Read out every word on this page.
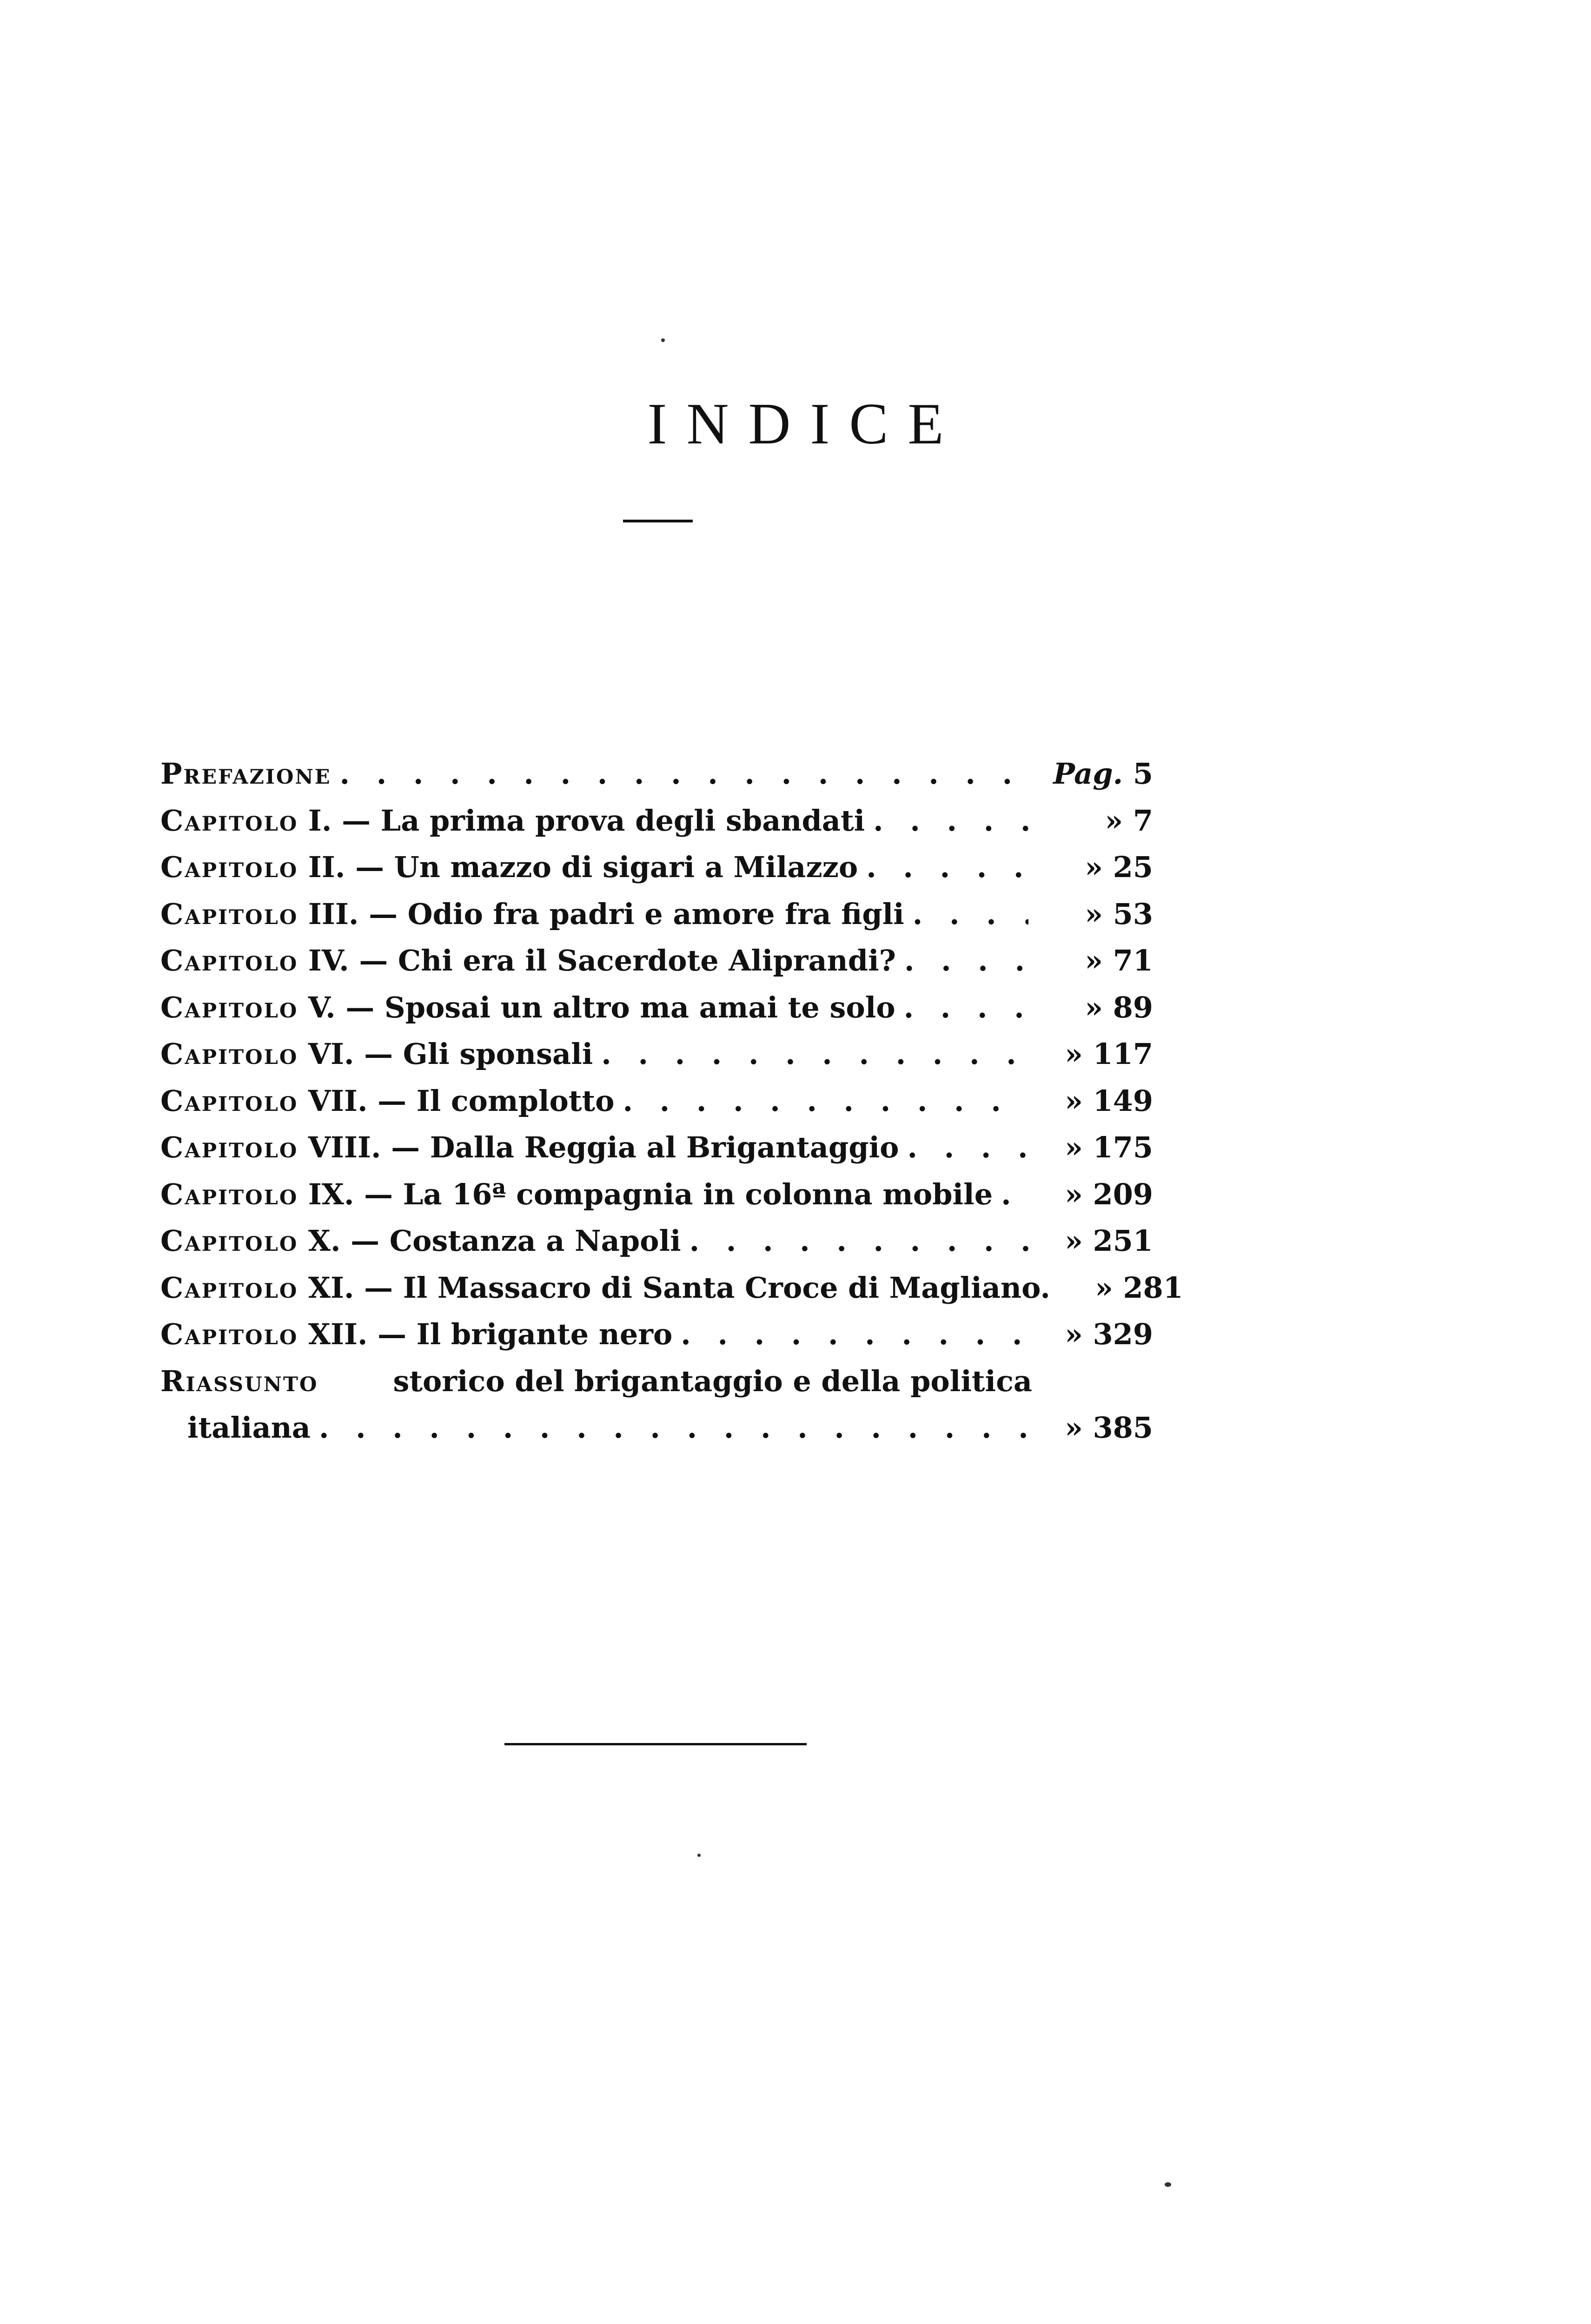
INDICE
Prefazione . . .	Pag. 5
Capitolo I. — La prima prova degli sbandati . . .	» 7
Capitolo II. — Un mazzo di sigari a Milazzo . . .	» 25
Capitolo III. — Odio fra padri e amore fra figli . . .	» 53
Capitolo IV. — Chi era il Sacerdote Aliprandi? . . .	» 71
Capitolo V. — Sposai un altro ma amai te solo . . .	» 89
Capitolo VI. — Gli sponsali . . .	» 117
Capitolo VII. — Il complotto . . .	» 149
Capitolo VIII. — Dalla Reggia al Brigantaggio . . .	» 175
Capitolo IX. — La 16ª compagnia in colonna mobile . . .	» 209
Capitolo X. — Costanza a Napoli . . .	» 251
Capitolo XI. — Il Massacro di Santa Croce di Magliano.	» 281
Capitolo XII. — Il brigante nero . . .	» 329
Riassunto	storico del brigantaggio e della politica
italiana . . .	» 385
